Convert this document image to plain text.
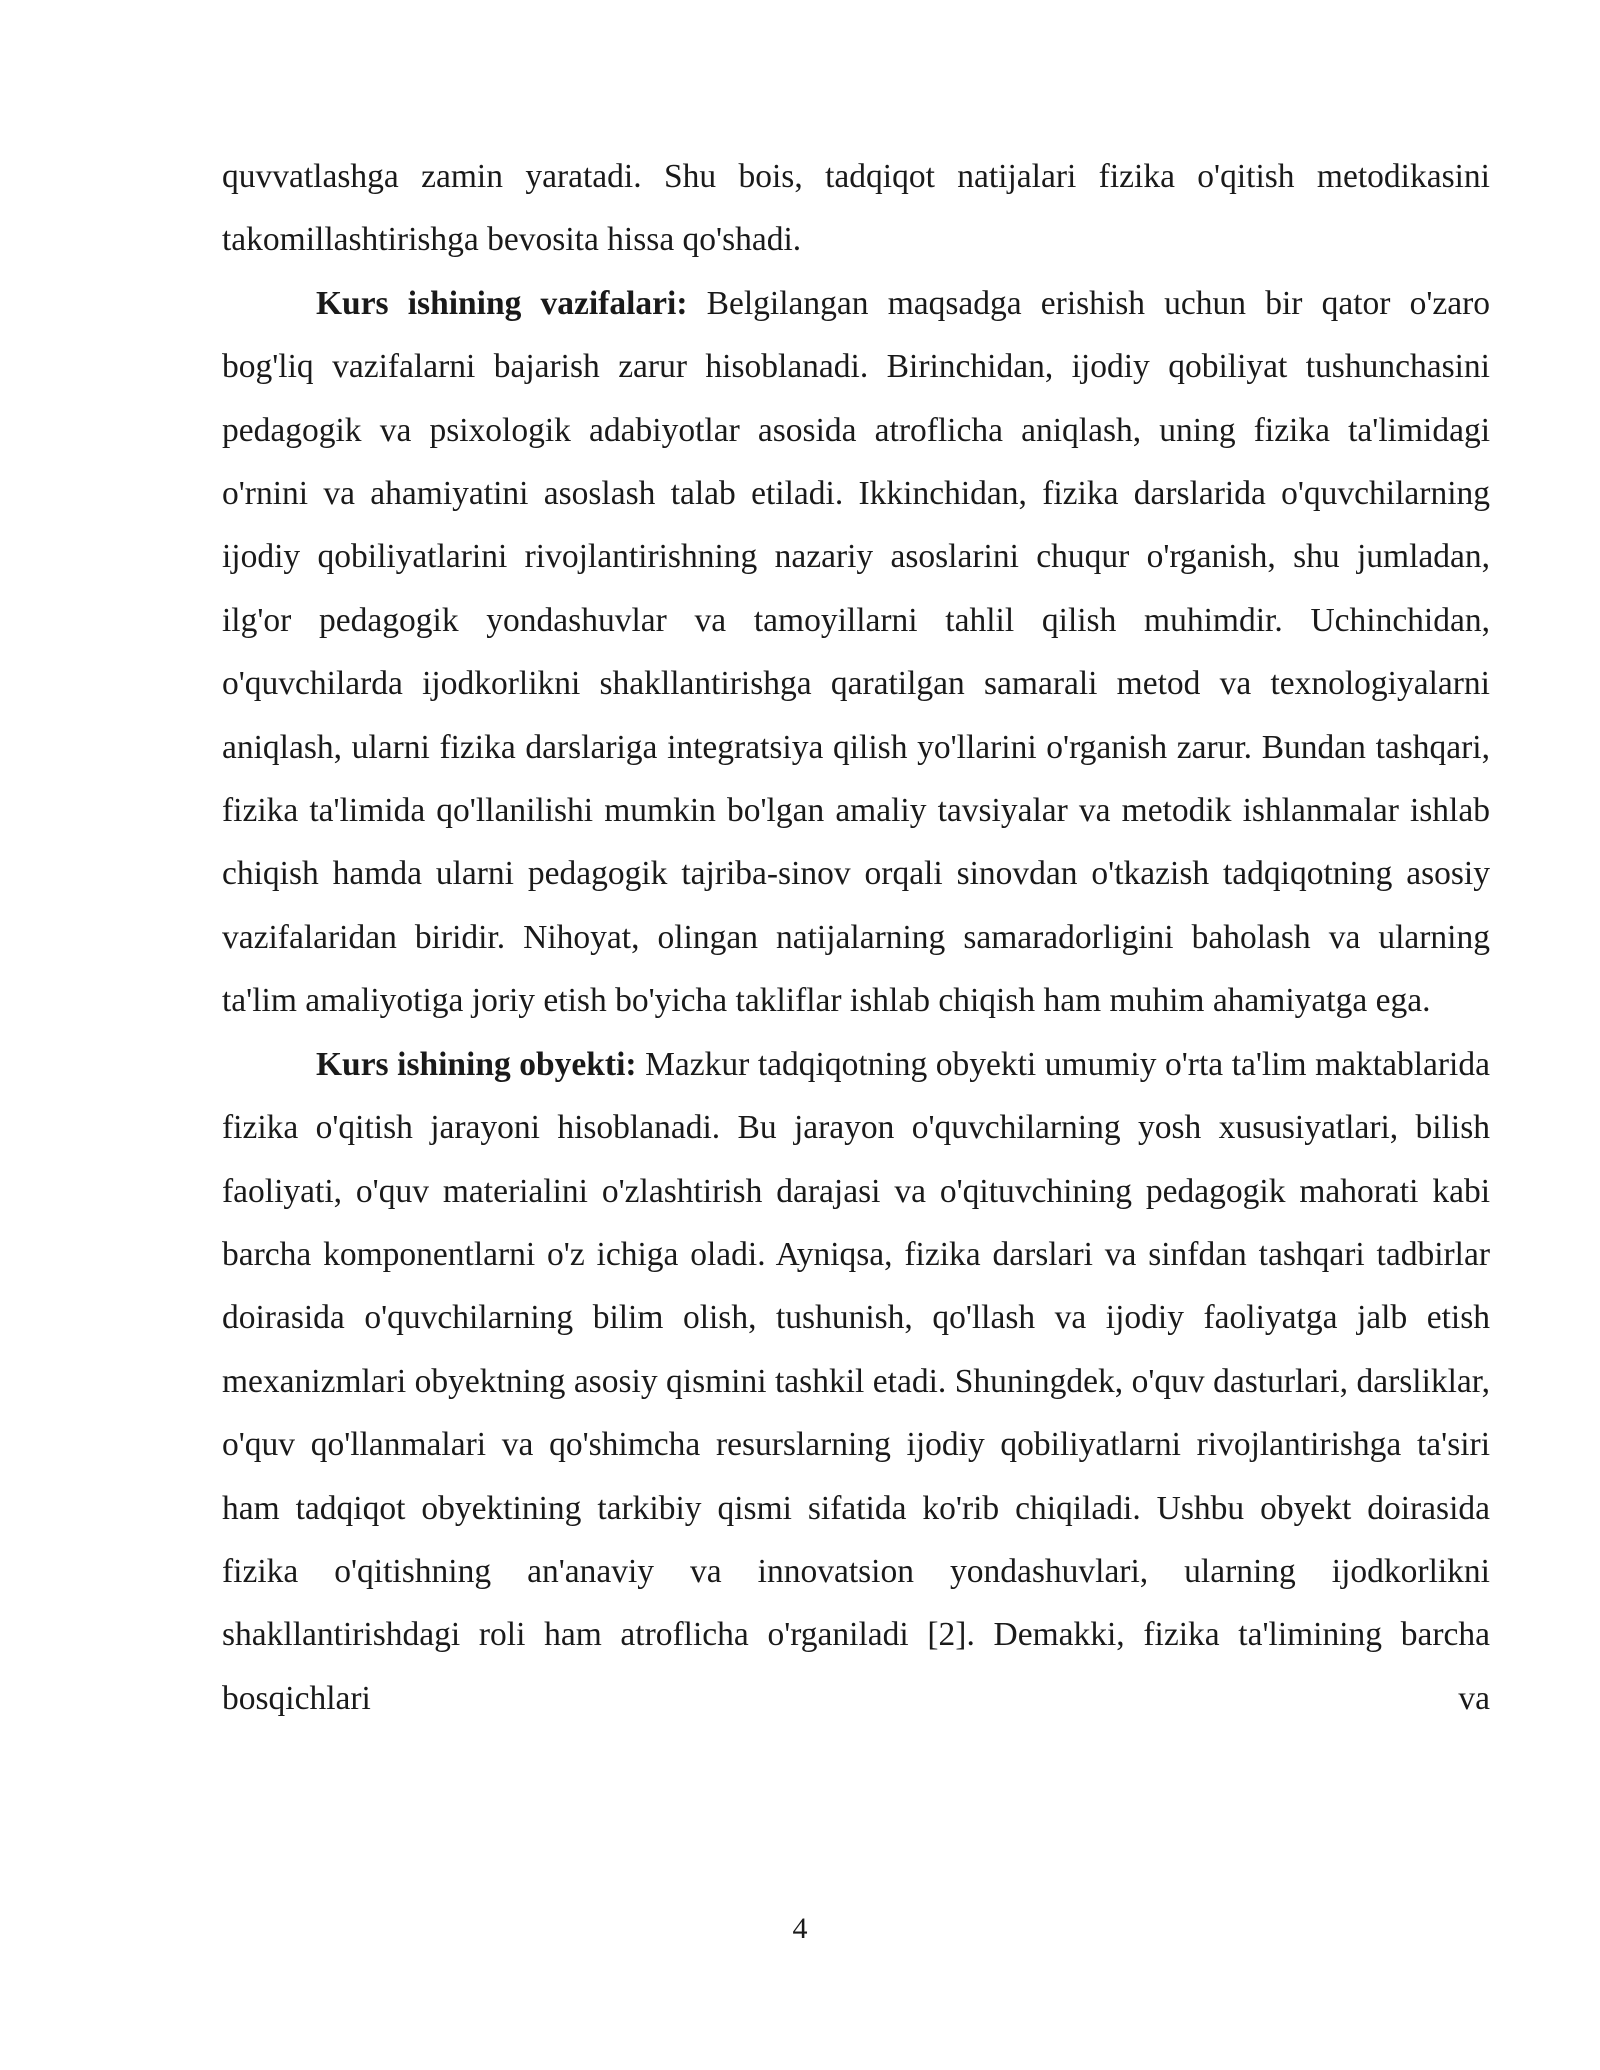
quvvatlashga zamin yaratadi. Shu bois, tadqiqot natijalari fizika o'qitish metodikasini takomillashtirishga bevosita hissa qo'shadi.

Kurs ishining vazifalari: Belgilangan maqsadga erishish uchun bir qator o'zaro bog'liq vazifalarni bajarish zarur hisoblanadi. Birinchidan, ijodiy qobiliyat tushunchasini pedagogik va psixologik adabiyotlar asosida atroflicha aniqlash, uning fizika ta'limidagi o'rnini va ahamiyatini asoslash talab etiladi. Ikkinchidan, fizika darslarida o'quvchilarning ijodiy qobiliyatlarini rivojlantirishning nazariy asoslarini chuqur o'rganish, shu jumladan, ilg'or pedagogik yondashuvlar va tamoyillarni tahlil qilish muhimdir. Uchinchidan, o'quvchilarda ijodkorlikni shakllantirishga qaratilgan samarali metod va texnologiyalarni aniqlash, ularni fizika darslariga integratsiya qilish yo'llarini o'rganish zarur. Bundan tashqari, fizika ta'limida qo'llanilishi mumkin bo'lgan amaliy tavsiyalar va metodik ishlanmalar ishlab chiqish hamda ularni pedagogik tajriba-sinov orqali sinovdan o'tkazish tadqiqotning asosiy vazifalaridan biridir. Nihoyat, olingan natijalarning samaradorligini baholash va ularning ta'lim amaliyotiga joriy etish bo'yicha takliflar ishlab chiqish ham muhim ahamiyatga ega.

Kurs ishining obyekti: Mazkur tadqiqotning obyekti umumiy o'rta ta'lim maktablarida fizika o'qitish jarayoni hisoblanadi. Bu jarayon o'quvchilarning yosh xususiyatlari, bilish faoliyati, o'quv materialini o'zlashtirish darajasi va o'qituvchining pedagogik mahorati kabi barcha komponentlarni o'z ichiga oladi. Ayniqsa, fizika darslari va sinfdan tashqari tadbirlar doirasida o'quvchilarning bilim olish, tushunish, qo'llash va ijodiy faoliyatga jalb etish mexanizmlari obyektning asosiy qismini tashkil etadi. Shuningdek, o'quv dasturlari, darsliklar, o'quv qo'llanmalari va qo'shimcha resurslarning ijodiy qobiliyatlarni rivojlantirishga ta'siri ham tadqiqot obyektining tarkibiy qismi sifatida ko'rib chiqiladi. Ushbu obyekt doirasida fizika o'qitishning an'anaviy va innovatsion yondashuvlari, ularning ijodkorlikni shakllantirishdagi roli ham atroflicha o'rganiladi [2]. Demakki, fizika ta'limining barcha bosqichlari va

4
